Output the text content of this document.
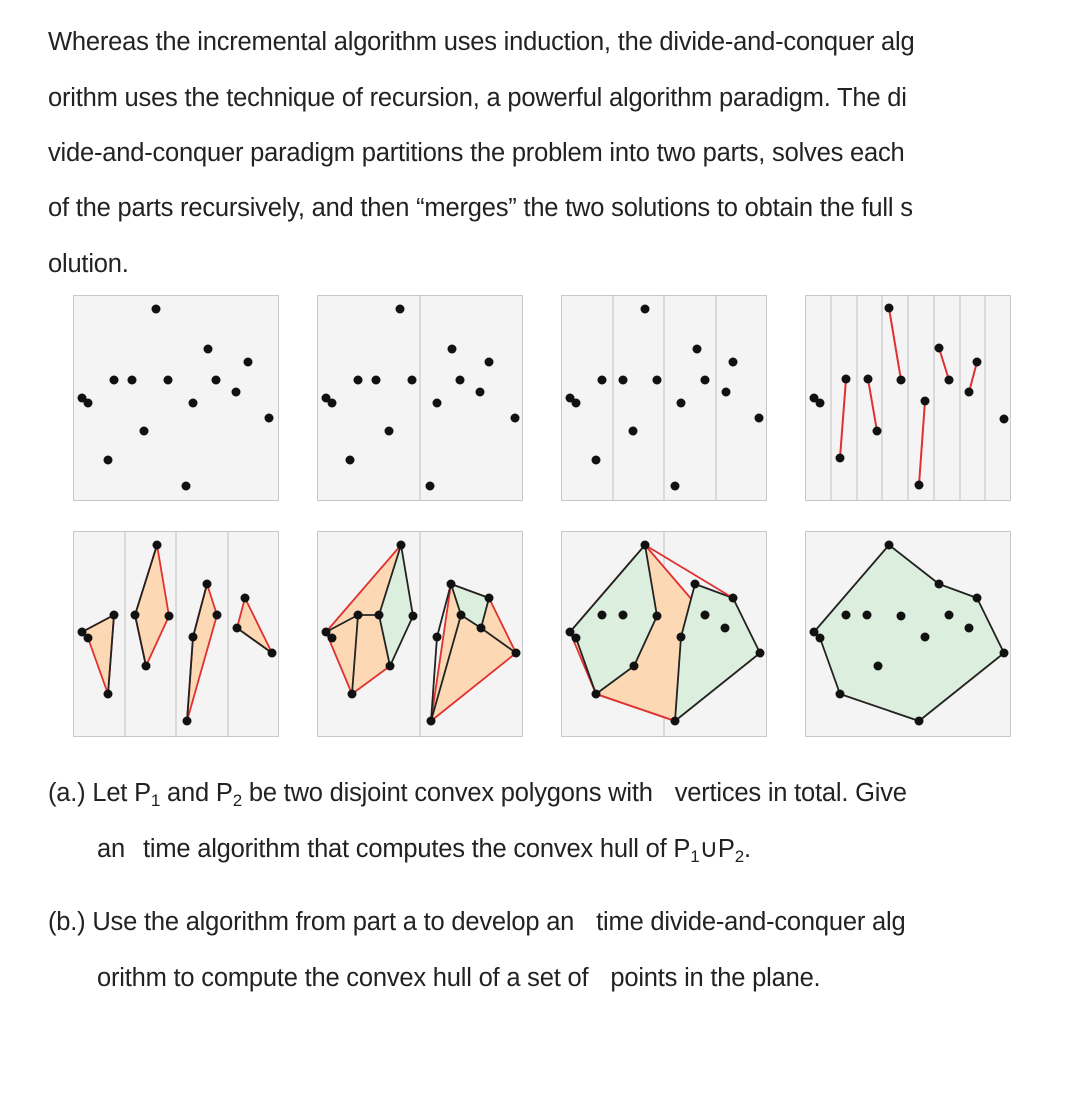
Whereas the incremental algorithm uses induction, the divide-and-conquer alg
orithm uses the technique of recursion, a powerful algorithm paradigm. The di
vide-and-conquer paradigm partitions the problem into two parts, solves each
of the parts recursively, and then “merges” the two solutions to obtain the full s
olution.
(a.) Let $P_1$ and $P_2$ be two disjoint convex polygons with vertices in total. Give
an time algorithm that computes the convex hull of $P_1\cup P_2$.
(b.) Use the algorithm from part a to develop an time divide-and-conquer alg
orithm to compute the convex hull of a set of points in the plane.
